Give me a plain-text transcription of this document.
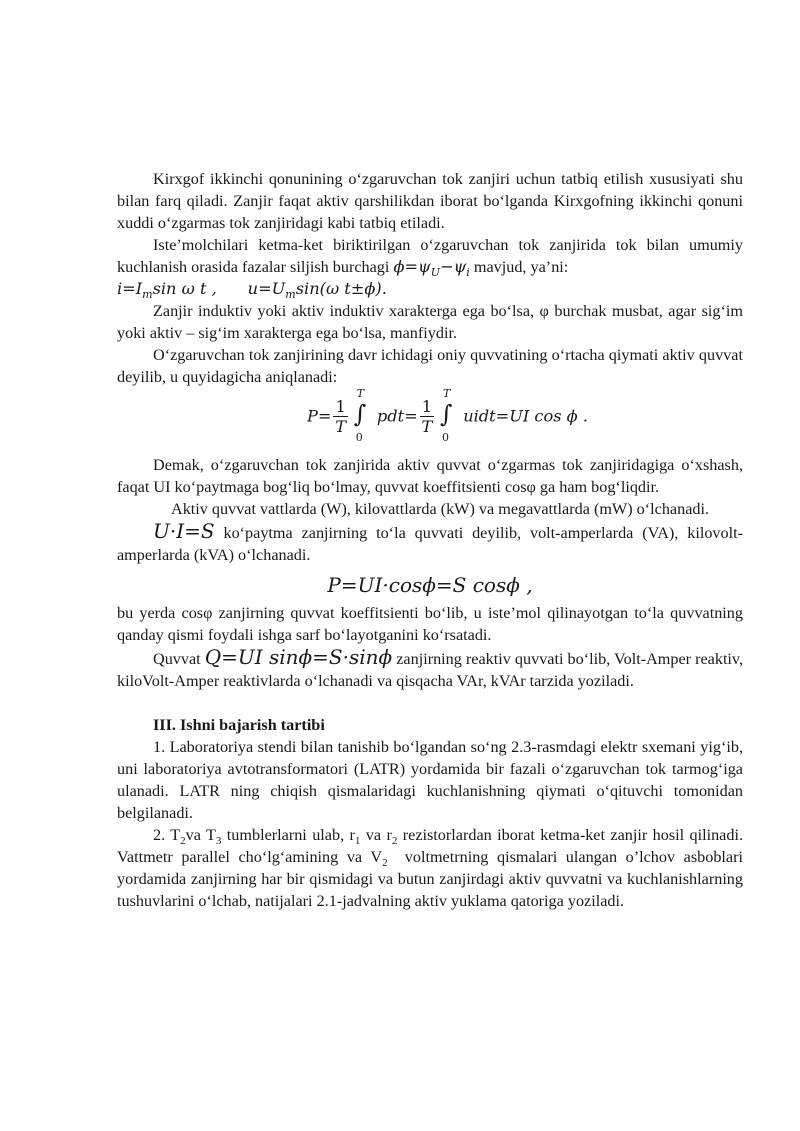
Kirxgof ikkinchi qonunining o‘zgaruvchan tok zanjiri uchun tatbiq etilish xususiyati shu bilan farq qiladi. Zanjir faqat aktiv qarshilikdan iborat bo‘lganda Kirxgofning ikkinchi qonuni xuddi o‘zgarmas tok zanjiridagi kabi tatbiq etiladi.

Iste’molchilari ketma-ket biriktirilgan o‘zgaruvchan tok zanjirida tok bilan umumiy kuchlanish orasida fazalar siljish burchagi $\phi=\psi_U-\psi_i$ mavjud, ya’ni:
$i=I_m\sin$ ω t ,      $u=U_m\sin(\omega$ t±ϕ).

Zanjir induktiv yoki aktiv induktiv xarakterga ega bo‘lsa, φ burchak musbat, agar sig‘im yoki aktiv – sig‘im xarakterga ega bo‘lsa, manfiydir.

O‘zgaruvchan tok zanjirining davr ichidagi oniy quvvatining o‘rtacha qiymati aktiv quvvat deyilib, u quyidagicha aniqlanadi:

$P= \frac{1}{T}$
T
∫
0
$pdt= \frac{1}{T}$
T
∫
0
uidt=UI cos ϕ .

Demak, o‘zgaruvchan tok zanjirida aktiv quvvat o‘zgarmas tok zanjiridagiga o‘xshash, faqat UI ko‘paytmaga bog‘liq bo‘lmay, quvvat koeffitsienti cosφ ga ham bog‘liqdir.

Aktiv quvvat vattlarda (W), kilovattlarda (kW) va megavattlarda (mW) o‘lchanadi.

U·I=S ko‘paytma zanjirning to‘la quvvati deyilib, volt-amperlarda (VA), kilovolt-amperlarda (kVA) o‘lchanadi.

P=UI·cosϕ=S cosϕ ,

bu yerda cosφ zanjirning quvvat koeffitsienti bo‘lib, u iste’mol qilinayotgan to‘la quvvatning qanday qismi foydali ishga sarf bo‘layotganini ko‘rsatadi.

Quvvat Q=UI sinϕ=S·sinϕ zanjirning reaktiv quvvati bo‘lib, Volt-Amper reaktiv, kiloVolt-Amper reaktivlarda o‘lchanadi va qisqacha VAr, kVAr tarzida yoziladi.

III. Ishni bajarish tartibi

1. Laboratoriya stendi bilan tanishib bo‘lgandan so‘ng 2.3-rasmdagi elektr sxemani yig‘ib, uni laboratoriya avtotransformatori (LATR) yordamida bir fazali o‘zgaruvchan tok tarmog‘iga ulanadi. LATR ning chiqish qismalaridagi kuchlanishning qiymati o‘qituvchi tomonidan belgilanadi.

2. $T_2va$ $T_3$ tumblerlarni ulab, $r_1$ va $r_2$ rezistorlardan iborat ketma-ket zanjir hosil qilinadi. Vattmetr parallel cho‘lg‘amining va $V_2$ voltmetrning qismalari ulangan o’lchov asboblari yordamida zanjirning har bir qismidagi va butun zanjirdagi aktiv quvvatni va kuchlanishlarning tushuvlarini o‘lchab, natijalari 2.1-jadvalning aktiv yuklama qatoriga yoziladi.
